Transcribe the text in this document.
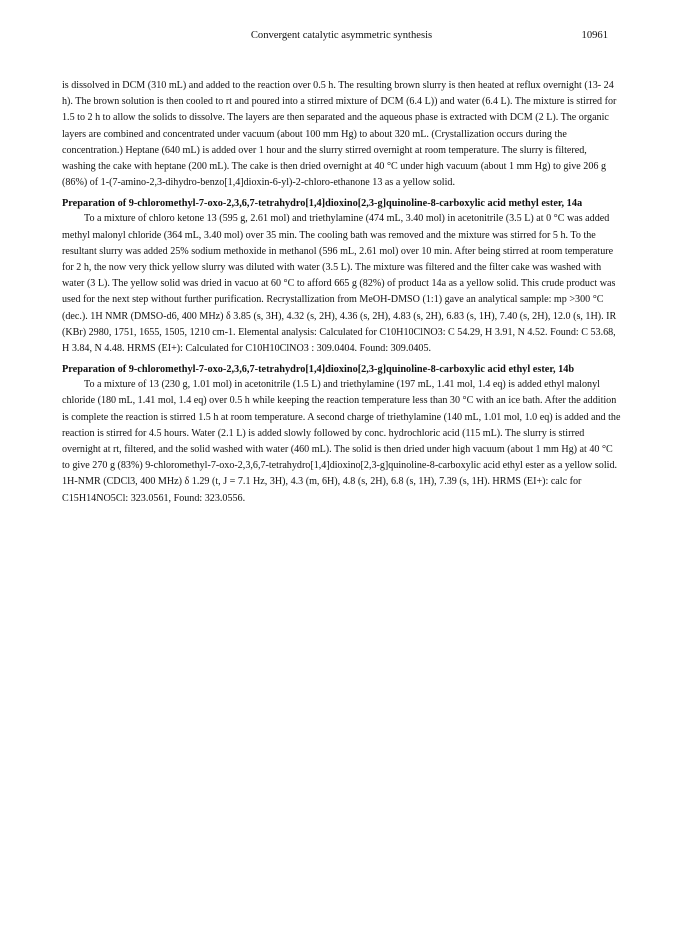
Convergent catalytic asymmetric synthesis	10961

is dissolved in DCM (310 mL) and added to the reaction over 0.5 h. The resulting brown slurry is then heated at reflux overnight (13- 24 h). The brown solution is then cooled to rt and poured into a stirred mixture of DCM (6.4 L)) and water (6.4 L). The mixture is stirred for 1.5 to 2 h to allow the solids to dissolve. The layers are then separated and the aqueous phase is extracted with DCM (2 L). The organic layers are combined and concentrated under vacuum (about 100 mm Hg) to about 320 mL. (Crystallization occurs during the concentration.) Heptane (640 mL) is added over 1 hour and the slurry stirred overnight at room temperature. The slurry is filtered, washing the cake with heptane (200 mL). The cake is then dried overnight at 40 °C under high vacuum (about 1 mm Hg) to give 206 g (86%) of 1-(7-amino-2,3-dihydro-benzo[1,4]dioxin-6-yl)-2-chloro-ethanone 13 as a yellow solid.

Preparation of 9-chloromethyl-7-oxo-2,3,6,7-tetrahydro[1,4]dioxino[2,3-g]quinoline-8-carboxylic acid methyl ester, 14a

To a mixture of chloro ketone 13 (595 g, 2.61 mol) and triethylamine (474 mL, 3.40 mol) in acetonitrile (3.5 L) at 0 °C was added methyl malonyl chloride (364 mL, 3.40 mol) over 35 min. The cooling bath was removed and the mixture was stirred for 5 h. To the resultant slurry was added 25% sodium methoxide in methanol (596 mL, 2.61 mol) over 10 min. After being stirred at room temperature for 2 h, the now very thick yellow slurry was diluted with water (3.5 L). The mixture was filtered and the filter cake was washed with water (3 L). The yellow solid was dried in vacuo at 60 °C to afford 665 g (82%) of product 14a as a yellow solid. This crude product was used for the next step without further purification. Recrystallization from MeOH-DMSO (1:1) gave an analytical sample: mp >300 °C (dec.). 1H NMR (DMSO-d6, 400 MHz) δ 3.85 (s, 3H), 4.32 (s, 2H), 4.36 (s, 2H), 4.83 (s, 2H), 6.83 (s, 1H), 7.40 (s, 2H), 12.0 (s, 1H). IR (KBr) 2980, 1751, 1655, 1505, 1210 cm-1. Elemental analysis: Calculated for C10H10ClNO3: C 54.29, H 3.91, N 4.52. Found: C 53.68, H 3.84, N 4.48. HRMS (EI+): Calculated for C10H10ClNO3 : 309.0404. Found: 309.0405.

Preparation of 9-chloromethyl-7-oxo-2,3,6,7-tetrahydro[1,4]dioxino[2,3-g]quinoline-8-carboxylic acid ethyl ester, 14b

To a mixture of 13 (230 g, 1.01 mol) in acetonitrile (1.5 L) and triethylamine (197 mL, 1.41 mol, 1.4 eq) is added ethyl malonyl chloride (180 mL, 1.41 mol, 1.4 eq) over 0.5 h while keeping the reaction temperature less than 30 °C with an ice bath. After the addition is complete the reaction is stirred 1.5 h at room temperature. A second charge of triethylamine (140 mL, 1.01 mol, 1.0 eq) is added and the reaction is stirred for 4.5 hours. Water (2.1 L) is added slowly followed by conc. hydrochloric acid (115 mL). The slurry is stirred overnight at rt, filtered, and the solid washed with water (460 mL). The solid is then dried under high vacuum (about 1 mm Hg) at 40 °C to give 270 g (83%) 9-chloromethyl-7-oxo-2,3,6,7-tetrahydro[1,4]dioxino[2,3-g]quinoline-8-carboxylic acid ethyl ester as a yellow solid. 1H-NMR (CDCl3, 400 MHz) δ 1.29 (t, J = 7.1 Hz, 3H), 4.3 (m, 6H), 4.8 (s, 2H), 6.8 (s, 1H), 7.39 (s, 1H). HRMS (EI+): calc for C15H14NO5Cl: 323.0561, Found: 323.0556.
